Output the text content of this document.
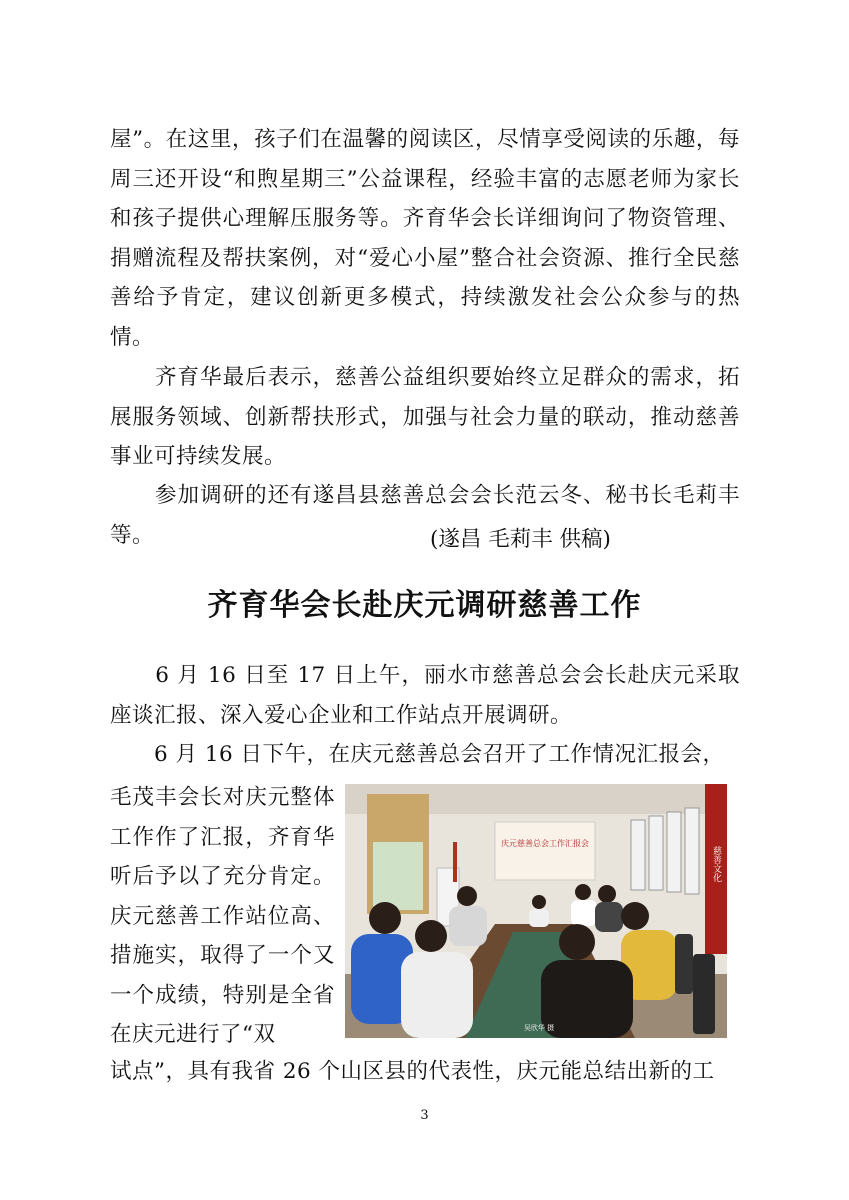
屋”。在这里，孩子们在温馨的阅读区，尽情享受阅读的乐趣，每周三还开设“和煦星期三”公益课程，经验丰富的志愿老师为家长和孩子提供心理解压服务等。齐育华会长详细询问了物资管理、捐赠流程及帮扶案例，对“爱心小屋”整合社会资源、推行全民慈善给予肯定，建议创新更多模式，持续激发社会公众参与的热情。

　　齐育华最后表示，慈善公益组织要始终立足群众的需求，拓展服务领域、创新帮扶形式，加强与社会力量的联动，推动慈善事业可持续发展。

　　参加调研的还有遂昌县慈善总会会长范云冬、秘书长毛莉丰等。	(遂昌 毛莉丰 供稿)
齐育华会长赴庆元调研慈善工作

　　6 月 16 日至 17 日上午，丽水市慈善总会会长赴庆元采取座谈汇报、深入爱心企业和工作站点开展调研。

　　6 月 16 日下午，在庆元慈善总会召开了工作情况汇报会，

毛茂丰会长对庆元整体工作作了汇报，齐育华听后予以了充分肯定。庆元慈善工作站位高、措施实，取得了一个又一个成绩，特别是全省在庆元进行了“双

庆元慈善总会工作汇报会
慈善文化
吴欣华 摄

试点”，具有我省 26 个山区县的代表性，庆元能总结出新的工

3
